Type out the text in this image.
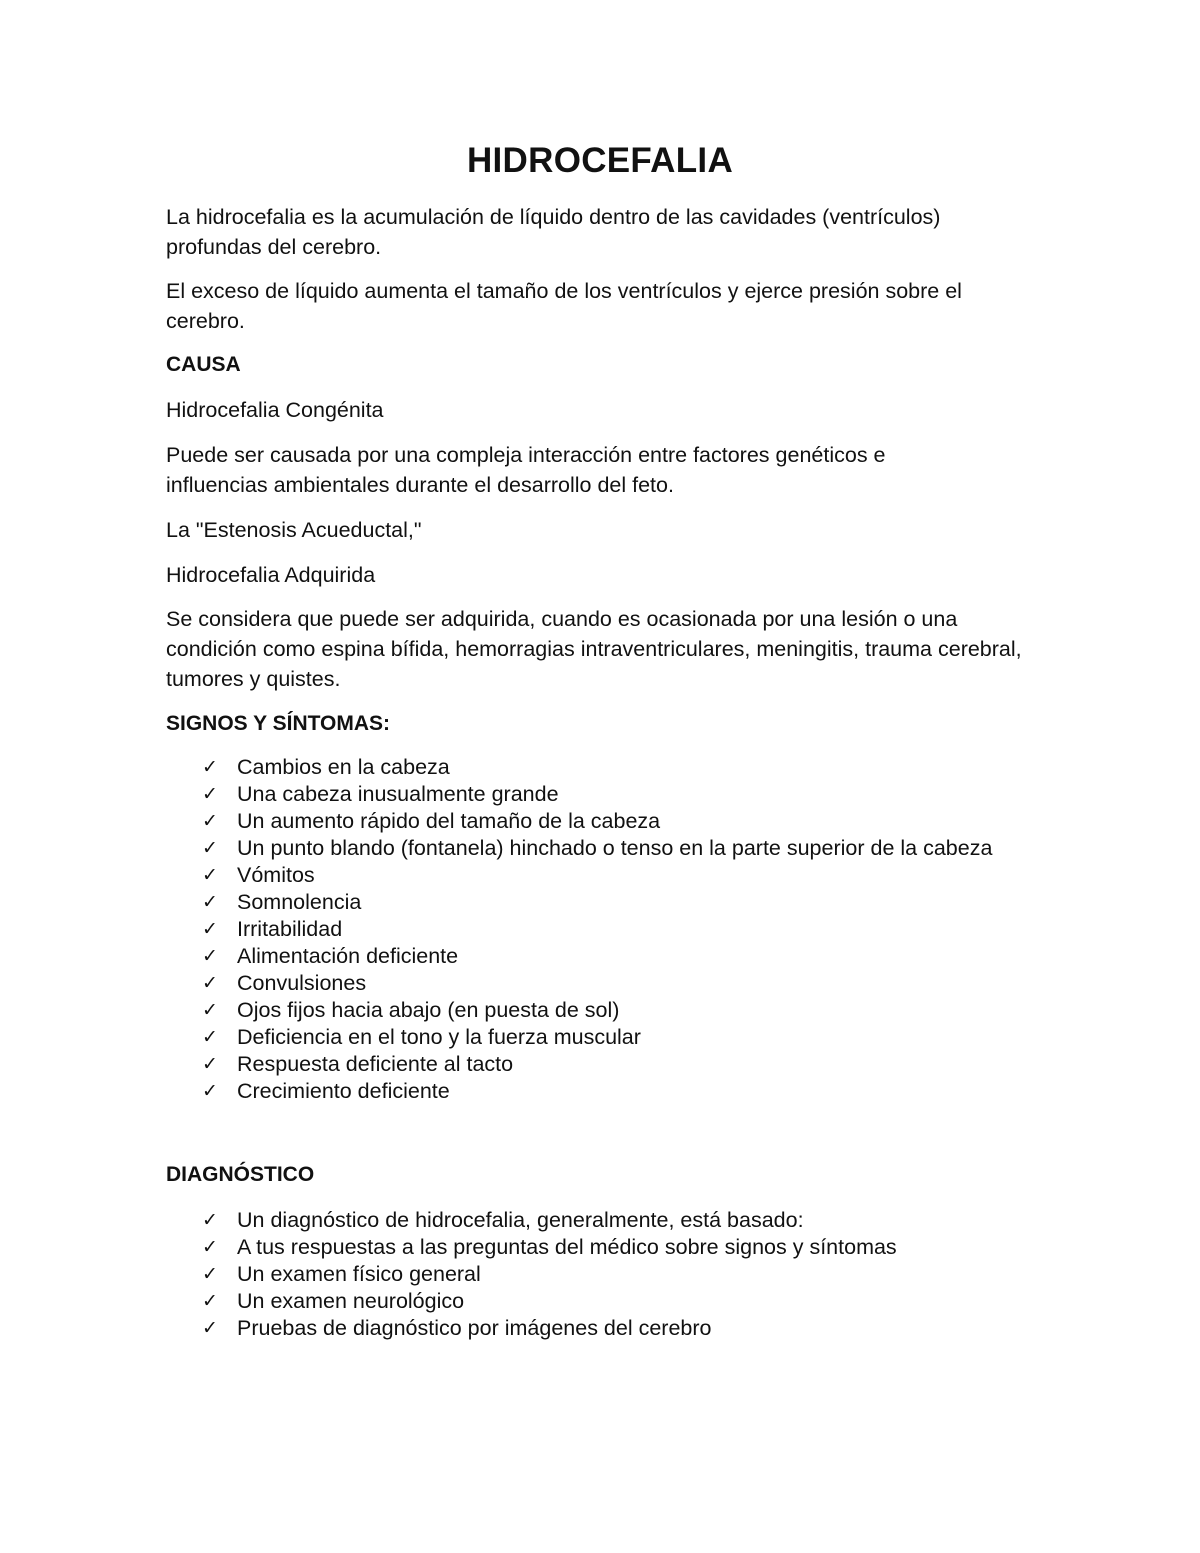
HIDROCEFALIA
La hidrocefalia es la acumulación de líquido dentro de las cavidades (ventrículos) profundas del cerebro.
El exceso de líquido aumenta el tamaño de los ventrículos y ejerce presión sobre el cerebro.
CAUSA
Hidrocefalia Congénita
Puede ser causada por una compleja interacción entre factores genéticos e influencias ambientales durante el desarrollo del feto.
La "Estenosis Acueductal,"
Hidrocefalia Adquirida
Se considera que puede ser adquirida, cuando es ocasionada por una lesión o una condición como espina bífida, hemorragias intraventriculares, meningitis, trauma cerebral, tumores y quistes.
SIGNOS Y SÍNTOMAS:
✓ Cambios en la cabeza
✓ Una cabeza inusualmente grande
✓ Un aumento rápido del tamaño de la cabeza
✓ Un punto blando (fontanela) hinchado o tenso en la parte superior de la cabeza
✓ Vómitos
✓ Somnolencia
✓ Irritabilidad
✓ Alimentación deficiente
✓ Convulsiones
✓ Ojos fijos hacia abajo (en puesta de sol)
✓ Deficiencia en el tono y la fuerza muscular
✓ Respuesta deficiente al tacto
✓ Crecimiento deficiente
DIAGNÓSTICO
✓ Un diagnóstico de hidrocefalia, generalmente, está basado:
✓ A tus respuestas a las preguntas del médico sobre signos y síntomas
✓ Un examen físico general
✓ Un examen neurológico
✓ Pruebas de diagnóstico por imágenes del cerebro
